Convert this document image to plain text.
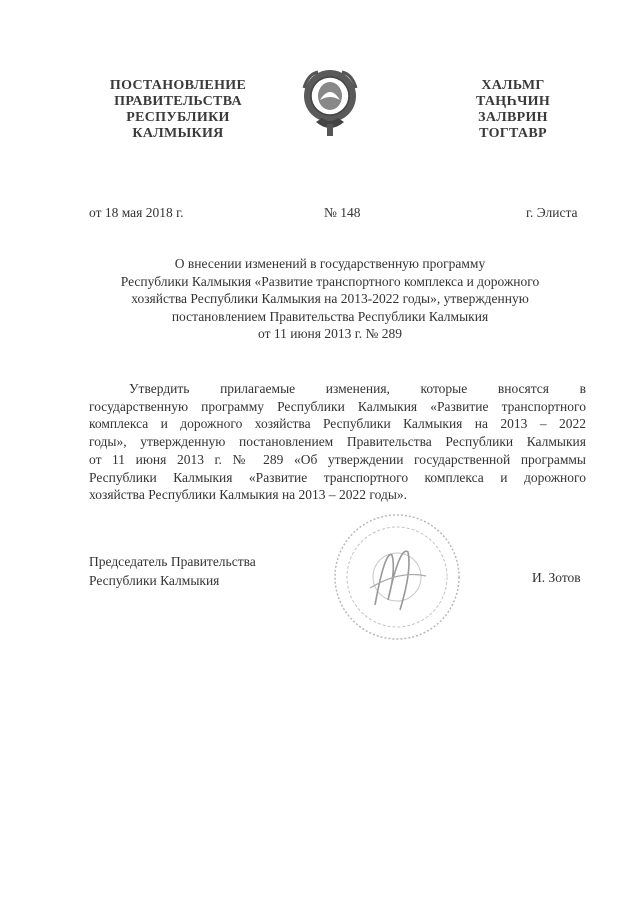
ПОСТАНОВЛЕНИЕ
ПРАВИТЕЛЬСТВА
РЕСПУБЛИКИ
КАЛМЫКИЯ
ХАЛЬМГ
ТАҢҺЧИН
ЗАЛВРИН
ТОГТАВР
от 18 мая 2018 г.	№ 148	г. Элиста
О внесении изменений в государственную программу
Республики Калмыкия «Развитие транспортного комплекса и дорожного
хозяйства Республики Калмыкия на 2013-2022 годы», утвержденную
постановлением Правительства Республики Калмыкия
от 11 июня 2013 г. № 289
Утвердить прилагаемые изменения, которые вносятся в
государственную программу Республики Калмыкия «Развитие транспортного
комплекса и дорожного хозяйства Республики Калмыкия на 2013 – 2022
годы», утвержденную постановлением Правительства Республики Калмыкия
от 11 июня 2013 г. № 289 «Об утверждении государственной программы
Республики Калмыкия «Развитие транспортного комплекса и дорожного
хозяйства Республики Калмыкия на 2013 – 2022 годы».
Председатель Правительства
Республики Калмыкия	И. Зотов
